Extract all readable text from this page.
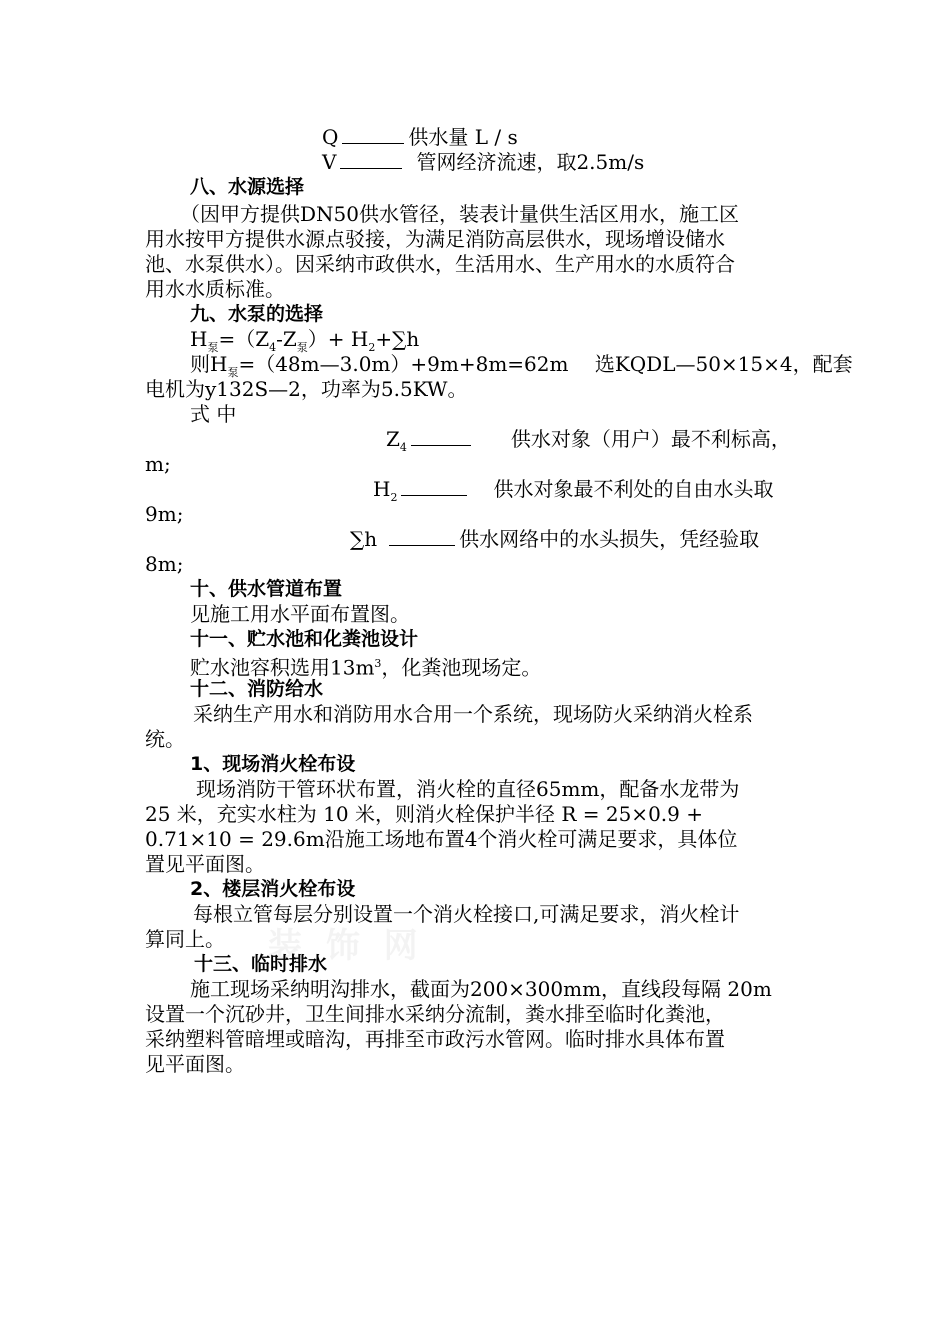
Q	供水量 L / s
V	管网经济流速，取2.5m/s
八、水源选择
（因甲方提供DN50供水管径，装表计量供生活区用水，施工区
用水按甲方提供水源点驳接，为满足消防高层供水，现场增设储水
池、水泵供水）。因采纳市政供水，生活用水、生产用水的水质符合
用水水质标准。
九、水泵的选择
$H_泵=(Z_4-Z_泵)+ H_2+\sum h$
则$H_泵=(48m—3.0m)+9m+8m=62m$　 选KQDL—50×15×4，配套
电机为y132S—2，功率为5.5KW。
式 中
$Z_4$	供水对象（用户）最不利标高，
m;
$H_2$	供水对象最不利处的自由水头取
9m;
∑h	供水网络中的水头损失，凭经验取
8m;
十、供水管道布置
见施工用水平面布置图。
十一、贮水池和化粪池设计
贮水池容积选用$13m^3$，化粪池现场定。
十二、消防给水
采纳生产用水和消防用水合用一个系统，现场防火采纳消火栓系
统。
1、现场消火栓布设
现场消防干管环状布置，消火栓的直径65mm，配备水龙带为
25 米，充实水柱为 10 米，则消火栓保护半径 R = 25×0.9 +
0.71×10 = 29.6m沿施工场地布置4个消火栓可满足要求，具体位
置见平面图。
2、楼层消火栓布设
每根立管每层分别设置一个消火栓接口,可满足要求，消火栓计
算同上。 装 饰 网
十三、临时排水
施工现场采纳明沟排水，截面为200×300mm，直线段每隔 20m
设置一个沉砂井，卫生间排水采纳分流制，粪水排至临时化粪池，
采纳塑料管暗埋或暗沟，再排至市政污水管网。临时排水具体布置
见平面图。
